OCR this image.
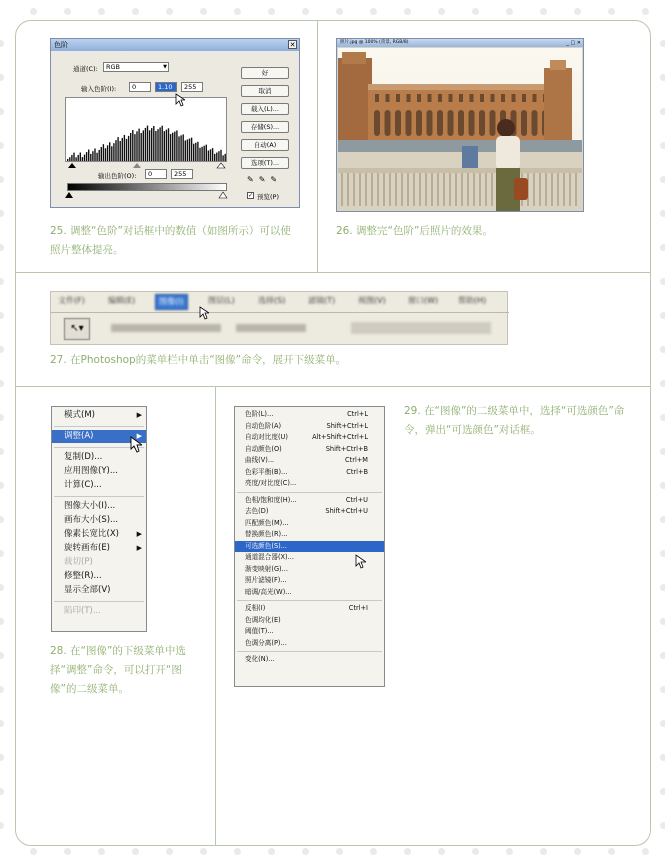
色阶	✕
通道(C):	RGB	▼
输入色阶(I):	0	1.10	255
输出色阶(O):	0	255
好
取消
载入(L)...
存储(S)...
自动(A)
选项(T)...
✎✎✎
✓ 预览(P)
25. 调整“色阶”对话框中的数值（如图所示）可以使照片整体提亮。
照片.jpg @ 100% (背景, RGB/8)	_ □ ✕
26. 调整完“色阶”后照片的效果。
文件(F)	编辑(E)	图像(I)	图层(L)	选择(S)	滤镜(T)	视图(V)	窗口(W)	帮助(H)
↖▾
27. 在Photoshop的菜单栏中单击“图像”命令，展开下级菜单。
模式(M)	▶
调整(A)	▶
复制(D)...
应用图像(Y)...
计算(C)...
图像大小(I)...
画布大小(S)...
像素长宽比(X)	▶
旋转画布(E)	▶
裁切(P)
修整(R)...
显示全部(V)
陷印(T)...
28. 在“图像”的下级菜单中选择“调整”命令，可以打开“图像”的二级菜单。
色阶(L)...	Ctrl+L
自动色阶(A)	Shift+Ctrl+L
自动对比度(U)	Alt+Shift+Ctrl+L
自动颜色(O)	Shift+Ctrl+B
曲线(V)...	Ctrl+M
色彩平衡(B)...	Ctrl+B
亮度/对比度(C)...
色相/饱和度(H)...	Ctrl+U
去色(D)	Shift+Ctrl+U
匹配颜色(M)...
替换颜色(R)...
可选颜色(S)...
通道混合器(X)...
渐变映射(G)...
照片滤镜(F)...
暗调/高光(W)...
反相(I)	Ctrl+I
色调均化(E)
阈值(T)...
色调分离(P)...
变化(N)...
29. 在“图像”的二级菜单中，选择“可选颜色”命令，弹出“可选颜色”对话框。
